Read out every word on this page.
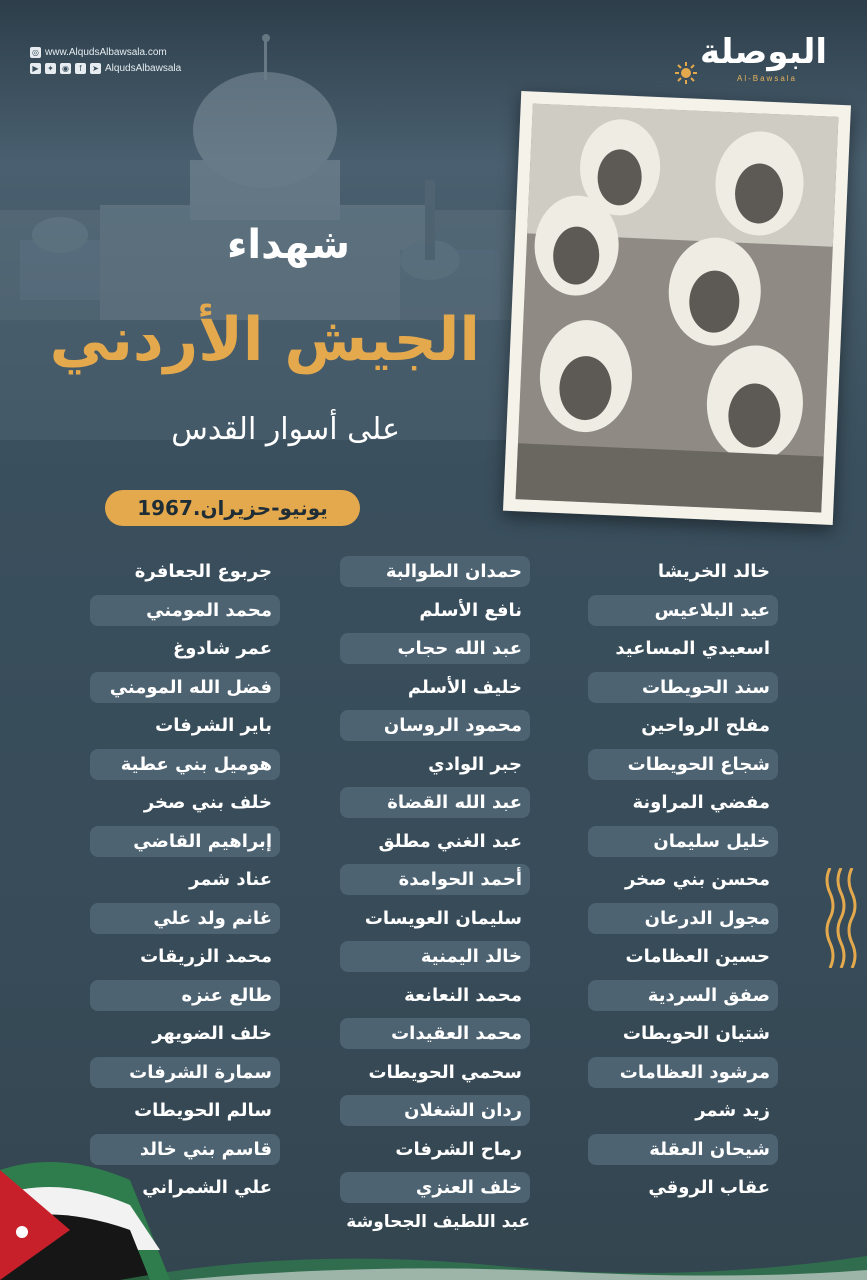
◎ www.AlqudsAlbawsala.com
▶	✦ ◉	f	➤ AlqudsAlbawsala	البوصلة
Al-Bawsala
شهداء
الجيش الأردني
على أسوار القدس
يونيو-حزيران.1967
خالد الخريشا
عيد البلاعيس
اسعيدي المساعيد
سند الحويطات
مفلح الرواحين
شجاع الحويطات
مفضي المراونة
خليل سليمان
محسن بني صخر
مجول الدرعان
حسين العظامات
صفق السردية
شتيان الحويطات
مرشود العظامات
زيد شمر
شيحان العقلة
عقاب الروقي
حمدان الطوالبة
نافع الأسلم
عبد الله حجاب
خليف الأسلم
محمود الروسان
جبر الوادي
عبد الله القضاة
عبد الغني مطلق
أحمد الحوامدة
سليمان العويسات
خالد اليمنية
محمد النعانعة
محمد العقيدات
سحمي الحويطات
ردان الشغلان
رماح الشرفات
خلف العنزي
جربوع الجعافرة
محمد المومني
عمر شادوغ
فضل الله المومني
باير الشرفات
هوميل بني عطية
خلف بني صخر
إبراهيم القاضي
عناد شمر
غانم ولد علي
محمد الزريقات
طالع عنزه
خلف الضويهر
سمارة الشرفات
سالم الحويطات
قاسم بني خالد
علي الشمراني
عبد اللطيف الجحاوشة
